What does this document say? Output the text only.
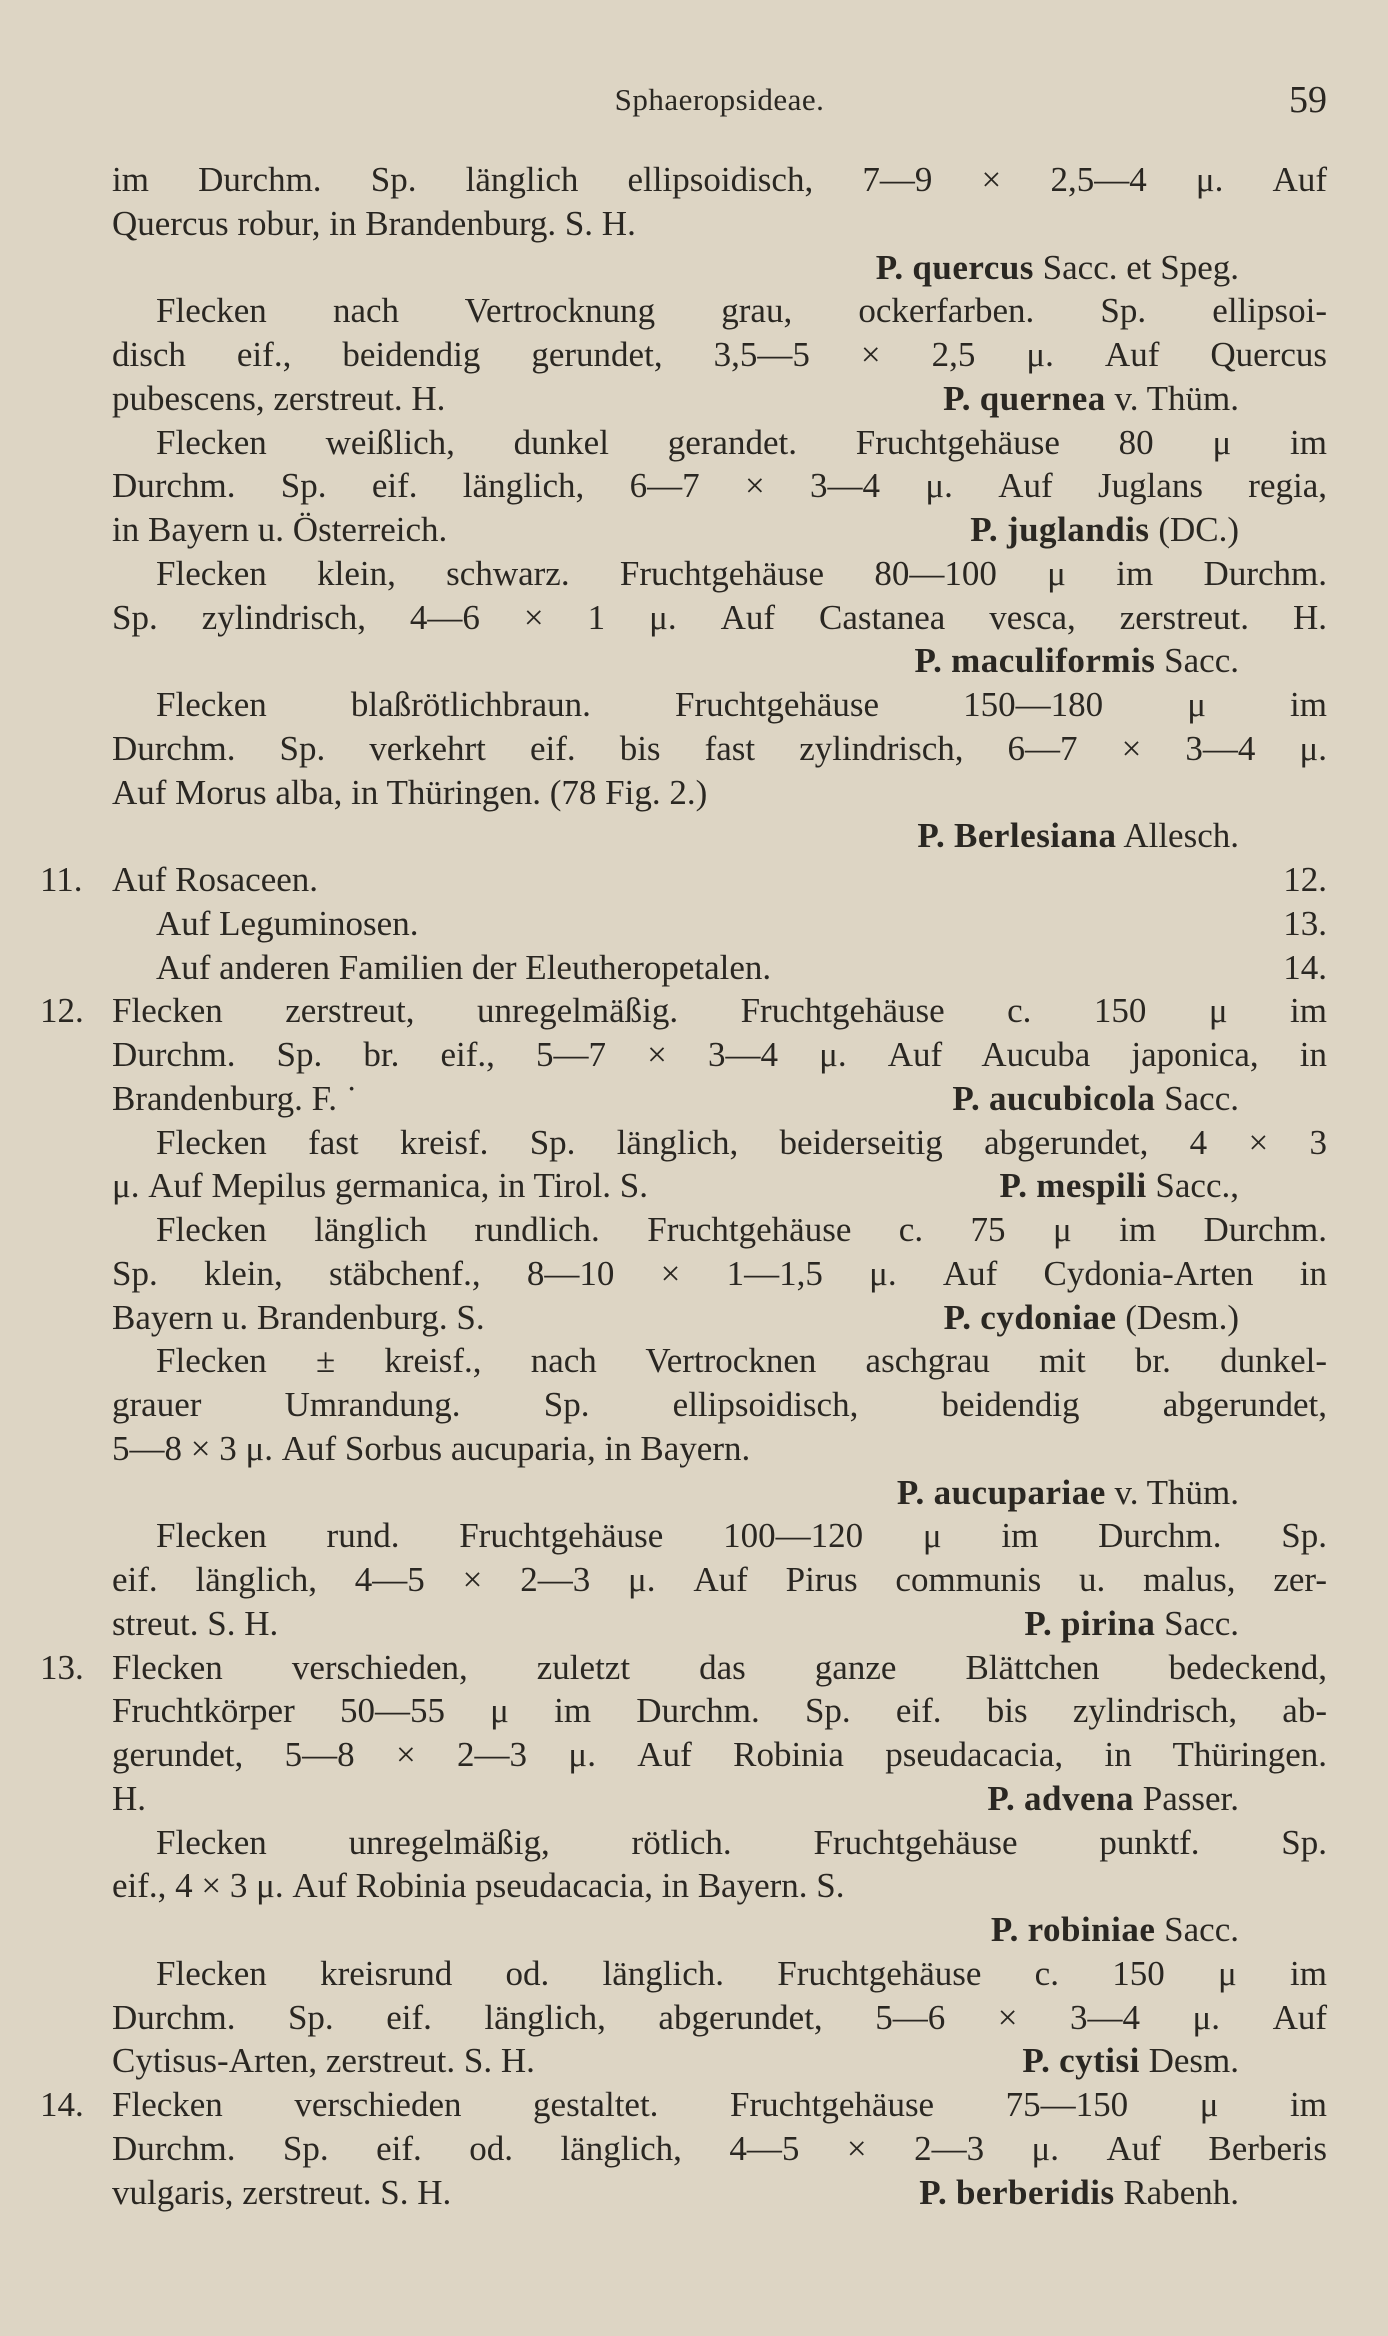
Sphaeropsideae.	59
im Durchm. Sp. länglich ellipsoidisch, 7—9 × 2,5—4 μ. Auf
Quercus robur, in Brandenburg. S. H.
P. quercus Sacc. et Speg.
Flecken nach Vertrocknung grau, ockerfarben. Sp. ellipsoi-
disch eif., beidendig gerundet, 3,5—5 × 2,5 μ. Auf Quercus
pubescens, zerstreut. H.	P. quernea v. Thüm.
Flecken weißlich, dunkel gerandet. Fruchtgehäuse 80 μ im
Durchm. Sp. eif. länglich, 6—7 × 3—4 μ. Auf Juglans regia,
in Bayern u. Österreich.	P. juglandis (DC.)
Flecken klein, schwarz. Fruchtgehäuse 80—100 μ im Durchm.
Sp. zylindrisch, 4—6 × 1 μ. Auf Castanea vesca, zerstreut. H.
P. maculiformis Sacc.
Flecken blaßrötlichbraun. Fruchtgehäuse 150—180 μ im
Durchm. Sp. verkehrt eif. bis fast zylindrisch, 6—7 × 3—4 μ.
Auf Morus alba, in Thüringen. (78 Fig. 2.)
P. Berlesiana Allesch.
11. Auf Rosaceen.	12.
Auf Leguminosen.	13.
Auf anderen Familien der Eleutheropetalen.	14.
12. Flecken zerstreut, unregelmäßig. Fruchtgehäuse c. 150 μ im
Durchm. Sp. br. eif., 5—7 × 3—4 μ. Auf Aucuba japonica, in
Brandenburg. F. ˙	P. aucubicola Sacc.
Flecken fast kreisf. Sp. länglich, beiderseitig abgerundet, 4 × 3
μ. Auf Mepilus germanica, in Tirol. S.	P. mespili Sacc.,
Flecken länglich rundlich. Fruchtgehäuse c. 75 μ im Durchm.
Sp. klein, stäbchenf., 8—10 × 1—1,5 μ. Auf Cydonia-Arten in
Bayern u. Brandenburg. S.	P. cydoniae (Desm.)
Flecken ± kreisf., nach Vertrocknen aschgrau mit br. dunkel-
grauer Umrandung. Sp. ellipsoidisch, beidendig abgerundet,
5—8 × 3 μ. Auf Sorbus aucuparia, in Bayern.
P. aucupariae v. Thüm.
Flecken rund. Fruchtgehäuse 100—120 μ im Durchm. Sp.
eif. länglich, 4—5 × 2—3 μ. Auf Pirus communis u. malus, zer-
streut. S. H.	P. pirina Sacc.
13. Flecken verschieden, zuletzt das ganze Blättchen bedeckend,
Fruchtkörper 50—55 μ im Durchm. Sp. eif. bis zylindrisch, ab-
gerundet, 5—8 × 2—3 μ. Auf Robinia pseudacacia, in Thüringen.
H.	P. advena Passer.
Flecken unregelmäßig, rötlich. Fruchtgehäuse punktf. Sp.
eif., 4 × 3 μ. Auf Robinia pseudacacia, in Bayern. S.
P. robiniae Sacc.
Flecken kreisrund od. länglich. Fruchtgehäuse c. 150 μ im
Durchm. Sp. eif. länglich, abgerundet, 5—6 × 3—4 μ. Auf
Cytisus-Arten, zerstreut. S. H.	P. cytisi Desm.
14. Flecken verschieden gestaltet. Fruchtgehäuse 75—150 μ im
Durchm. Sp. eif. od. länglich, 4—5 × 2—3 μ. Auf Berberis
vulgaris, zerstreut. S. H.	P. berberidis Rabenh.
